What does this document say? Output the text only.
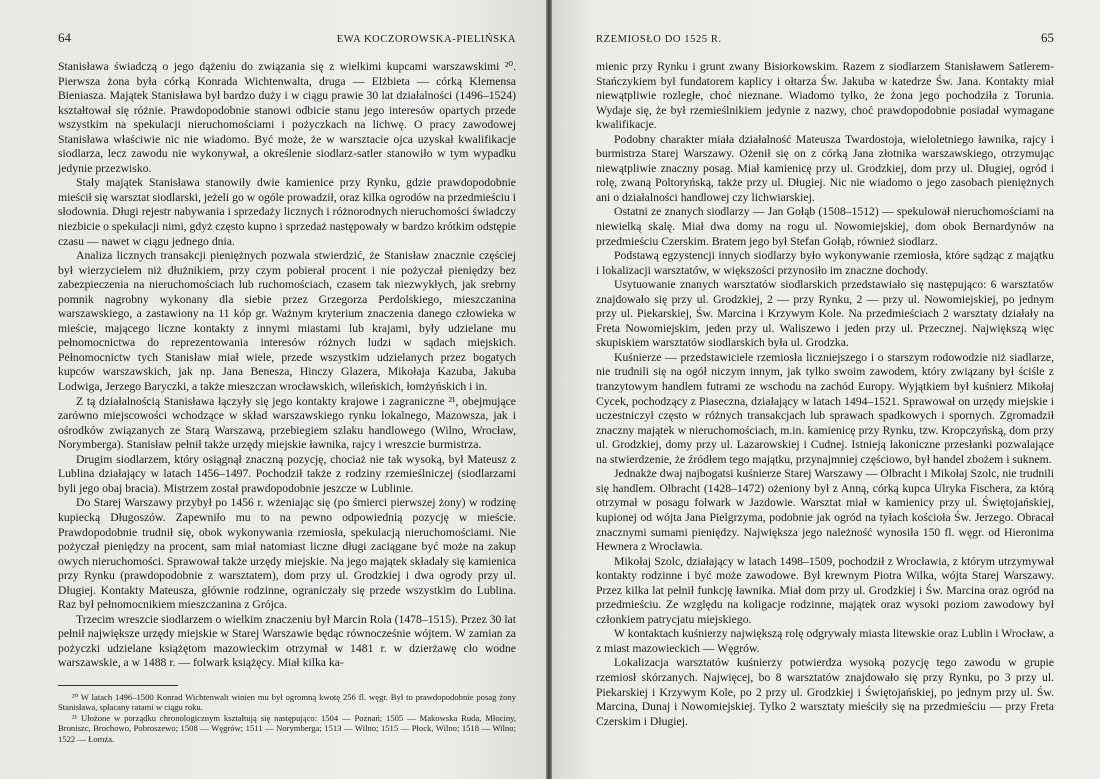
64	EWA KOCZOROWSKA-PIELIŃSKA

Stanisława świadczą o jego dążeniu do związania się z wielkimi kupcami warszawskimi ²⁰. Pierwsza żona była córką Konrada Wichtenwalta, druga — Elżbieta — córką Klemensa Bieniasza. Majątek Stanisława był bardzo duży i w ciągu prawie 30 lat działalności (1496–1524) kształtował się różnie. Prawdopodobnie stanowi odbicie stanu jego interesów opartych przede wszystkim na spekulacji nieruchomościami i pożyczkach na lichwę. O pracy zawodowej Stanisława właściwie nic nie wiadomo. Być może, że w warsztacie ojca uzyskał kwalifikacje siodlarza, lecz zawodu nie wykonywał, a określenie siodlarz-satler stanowiło w tym wypadku jedynie przezwisko.

Stały majątek Stanisława stanowiły dwie kamienice przy Rynku, gdzie prawdopodobnie mieścił się warsztat siodlarski, jeżeli go w ogóle prowadził, oraz kilka ogrodów na przedmieściu i słodownia. Długi rejestr nabywania i sprzedaży licznych i różnorodnych nieruchomości świadczy niezbicie o spekulacji nimi, gdyż często kupno i sprzedaż następowały w bardzo krótkim odstępie czasu — nawet w ciągu jednego dnia.

Analiza licznych transakcji pieniężnych pozwala stwierdzić, że Stanisław znacznie częściej był wierzycielem niż dłużnikiem, przy czym pobierał procent i nie pożyczał pieniędzy bez zabezpieczenia na nieruchomościach lub ruchomościach, czasem tak niezwykłych, jak srebrny pomnik nagrobny wykonany dla siebie przez Grzegorza Perdolskiego, mieszczanina warszawskiego, a zastawiony na 11 kóp gr. Ważnym kryterium znaczenia danego człowieka w mieście, mającego liczne kontakty z innymi miastami lub krajami, były udzielane mu pełnomocnictwa do reprezentowania interesów różnych ludzi w sądach miejskich. Pełnomocnictw tych Stanisław miał wiele, przede wszystkim udzielanych przez bogatych kupców warszawskich, jak np. Jana Benesza, Hinczy Glazera, Mikołaja Kazuba, Jakuba Lodwiga, Jerzego Baryczki, a także mieszczan wrocławskich, wileńskich, łomżyńskich i in.

Z tą działalnością Stanisława łączyły się jego kontakty krajowe i zagraniczne ²¹, obejmujące zarówno miejscowości wchodzące w skład warszawskiego rynku lokalnego, Mazowsza, jak i ośrodków związanych ze Starą Warszawą, przebiegiem szlaku handlowego (Wilno, Wrocław, Norymberga). Stanisław pełnił także urzędy miejskie ławnika, rajcy i wreszcie burmistrza.

Drugim siodlarzem, który osiągnął znaczną pozycję, chociaż nie tak wysoką, był Mateusz z Lublina działający w latach 1456–1497. Pochodził także z rodziny rzemieślniczej (siodlarzami byli jego obaj bracia). Mistrzem został prawdopodobnie jeszcze w Lublinie.

Do Starej Warszawy przybył po 1456 r. wżeniając się (po śmierci pierwszej żony) w rodzinę kupiecką Długoszów. Zapewniło mu to na pewno odpowiednią pozycję w mieście. Prawdopodobnie trudnił się, obok wykonywania rzemiosła, spekulacją nieruchomościami. Nie pożyczał pieniędzy na procent, sam miał natomiast liczne długi zaciągane być może na zakup owych nieruchomości. Sprawował także urzędy miejskie. Na jego majątek składały się kamienica przy Rynku (prawdopodobnie z warsztatem), dom przy ul. Grodzkiej i dwa ogrody przy ul. Długiej. Kontakty Mateusza, głównie rodzinne, ograniczały się przede wszystkim do Lublina. Raz był pełnomocnikiem mieszczanina z Grójca.

Trzecim wreszcie siodlarzem o wielkim znaczeniu był Marcin Rola (1478–1515). Przez 30 lat pełnił największe urzędy miejskie w Starej Warszawie będąc równocześnie wójtem. W zamian za pożyczki udzielane książętom mazowieckim otrzymał w 1481 r. w dzierżawę cło wodne warszawskie, a w 1488 r. — folwark książęcy. Miał kilka ka-

²⁰ W latach 1496–1500 Konrad Wichtenwalt winien mu był ogromną kwotę 256 fl. węgr. Był to prawdopodobnie posag żony Stanisława, spłacany ratami w ciągu roku.

²¹ Ułożone w porządku chronologicznym kształtują się następująco: 1504 — Poznań; 1505 — Makowska Ruda, Młociny, Broniszc, Brochowo, Pobroszewo; 1508 — Węgrów; 1511 — Norymberga; 1513 — Wilno; 1515 — Płock, Wilno; 1518 — Wilno; 1522 — Łomża.

RZEMIOSŁO DO 1525 R.	65

mienic przy Rynku i grunt zwany Bisiorkowskim. Razem z siodlarzem Stanisławem Satlerem-Stańczykiem był fundatorem kaplicy i ołtarza Św. Jakuba w katedrze Św. Jana. Kontakty miał niewątpliwie rozległe, choć nieznane. Wiadomo tylko, że żona jego pochodziła z Torunia. Wydaje się, że był rzemieślnikiem jedynie z nazwy, choć prawdopodobnie posiadał wymagane kwalifikacje.

Podobny charakter miała działalność Mateusza Twardostoja, wieloletniego ławnika, rajcy i burmistrza Starej Warszawy. Ożenił się on z córką Jana złotnika warszawskiego, otrzymując niewątpliwie znaczny posag. Miał kamienicę przy ul. Grodzkiej, dom przy ul. Długiej, ogród i rolę, zwaną Poltoryńską, także przy ul. Długiej. Nic nie wiadomo o jego zasobach pieniężnych ani o działalności handlowej czy lichwiarskiej.

Ostatni ze znanych siodlarzy — Jan Gołąb (1508–1512) — spekulował nieruchomościami na niewielką skalę. Miał dwa domy na rogu ul. Nowomiejskiej, dom obok Bernardynów na przedmieściu Czerskim. Bratem jego był Stefan Gołąb, również siodlarz.

Podstawą egzystencji innych siodlarzy było wykonywanie rzemiosła, które sądząc z majątku i lokalizacji warsztatów, w większości przynosiło im znaczne dochody.

Usytuowanie znanych warsztatów siodlarskich przedstawiało się następująco: 6 warsztatów znajdowało się przy ul. Grodzkiej, 2 — przy Rynku, 2 — przy ul. Nowomiejskiej, po jednym przy ul. Piekarskiej, Św. Marcina i Krzywym Kole. Na przedmieściach 2 warsztaty działały na Freta Nowomiejskim, jeden przy ul. Waliszewo i jeden przy ul. Przecznej. Największą więc skupiskiem warsztatów siodlarskich była ul. Grodzka.

Kuśnierze — przedstawiciele rzemiosła liczniejszego i o starszym rodowodzie niż siadlarze, nie trudnili się na ogół niczym innym, jak tylko swoim zawodem, który związany był ściśle z tranzytowym handlem futrami ze wschodu na zachód Europy. Wyjątkiem był kuśnierz Mikołaj Cycek, pochodzący z Piaseczna, działający w latach 1494–1521. Sprawował on urzędy miejskie i uczestniczył często w różnych transakcjach lub sprawach spadkowych i spornych. Zgromadził znaczny majątek w nieruchomościach, m.in. kamienicę przy Rynku, tzw. Kropczyńską, dom przy ul. Grodzkiej, domy przy ul. Lazarowskiej i Cudnej. Istnieją lakoniczne przesłanki pozwalające na stwierdzenie, że źródłem tego majątku, przynajmniej częściowo, był handel zbożem i suknem.

Jednakże dwaj najbogatsi kuśnierze Starej Warszawy — Olbracht i Mikołaj Szolc, nie trudnili się handlem. Olbracht (1428–1472) ożeniony był z Anną, córką kupca Ulryka Fischera, za którą otrzymał w posagu folwark w Jazdowie. Warsztat miał w kamienicy przy ul. Świętojańskiej, kupionej od wójta Jana Pielgrzyma, podobnie jak ogród na tyłach kościoła Św. Jerzego. Obracał znacznymi sumami pieniędzy. Największa jego należność wynosiła 150 fl. węgr. od Hieronima Hewnera z Wrocławia.

Mikołaj Szolc, działający w latach 1498–1509, pochodził z Wrocławia, z którym utrzymywał kontakty rodzinne i być może zawodowe. Był krewnym Piotra Wilka, wójta Starej Warszawy. Przez kilka lat pełnił funkcję ławnika. Miał dom przy ul. Grodzkiej i Św. Marcina oraz ogród na przedmieściu. Ze względu na koligacje rodzinne, majątek oraz wysoki poziom zawodowy był członkiem patrycjatu miejskiego.

W kontaktach kuśnierzy największą rolę odgrywały miasta litewskie oraz Lublin i Wrocław, a z miast mazowieckich — Węgrów.

Lokalizacja warsztatów kuśnierzy potwierdza wysoką pozycję tego zawodu w grupie rzemiosł skórzanych. Najwięcej, bo 8 warsztatów znajdowało się przy Rynku, po 3 przy ul. Piekarskiej i Krzywym Kole, po 2 przy ul. Grodzkiej i Świętojańskiej, po jednym przy ul. Św. Marcina, Dunaj i Nowomiejskiej. Tylko 2 warsztaty mieściły się na przedmieściu — przy Freta Czerskim i Długiej.
